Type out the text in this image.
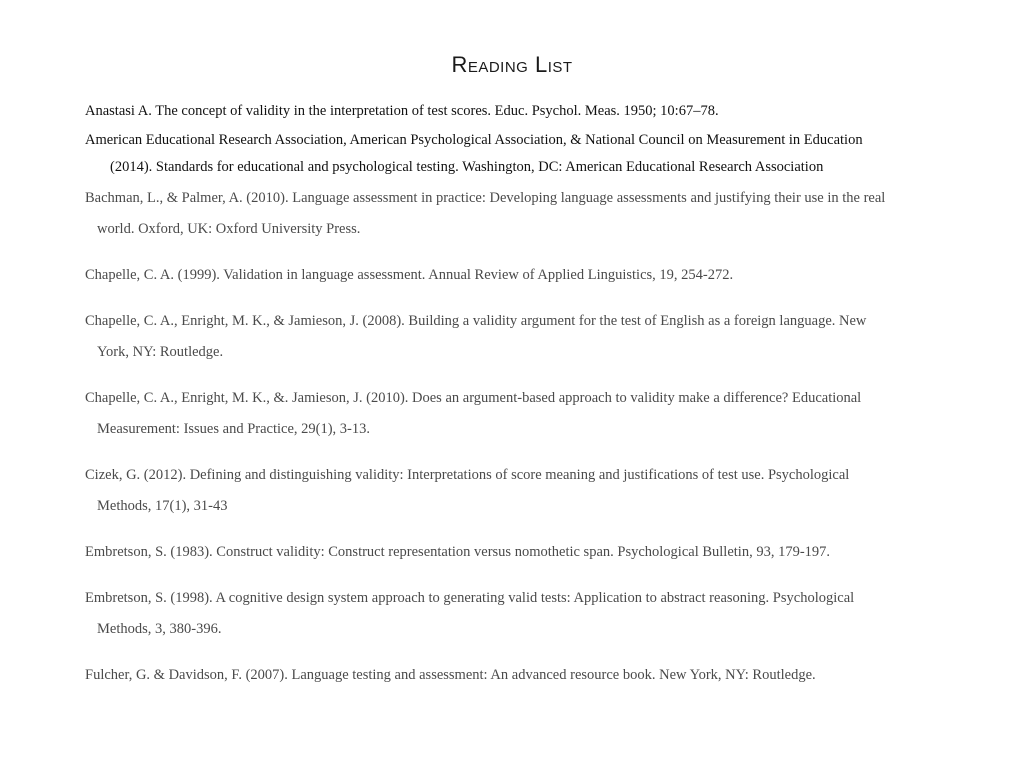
Reading List

Anastasi A. The concept of validity in the interpretation of test scores. Educ. Psychol. Meas. 1950; 10:67–78.

American Educational Research Association, American Psychological Association, & National Council on Measurement in Education (2014). Standards for educational and psychological testing. Washington, DC: American Educational Research Association

Bachman, L., & Palmer, A. (2010). Language assessment in practice: Developing language assessments and justifying their use in the real world. Oxford, UK: Oxford University Press.

Chapelle, C. A. (1999). Validation in language assessment. Annual Review of Applied Linguistics, 19, 254-272.

Chapelle, C. A., Enright, M. K., & Jamieson, J. (2008). Building a validity argument for the test of English as a foreign language. New York, NY: Routledge.

Chapelle, C. A., Enright, M. K., &. Jamieson, J. (2010). Does an argument-based approach to validity make a difference? Educational Measurement: Issues and Practice, 29(1), 3-13.

Cizek, G. (2012). Defining and distinguishing validity: Interpretations of score meaning and justifications of test use. Psychological Methods, 17(1), 31-43

Embretson, S. (1983). Construct validity: Construct representation versus nomothetic span. Psychological Bulletin, 93, 179-197.

Embretson, S. (1998). A cognitive design system approach to generating valid tests: Application to abstract reasoning. Psychological Methods, 3, 380-396.

Fulcher, G. & Davidson, F. (2007). Language testing and assessment: An advanced resource book. New York, NY: Routledge.
